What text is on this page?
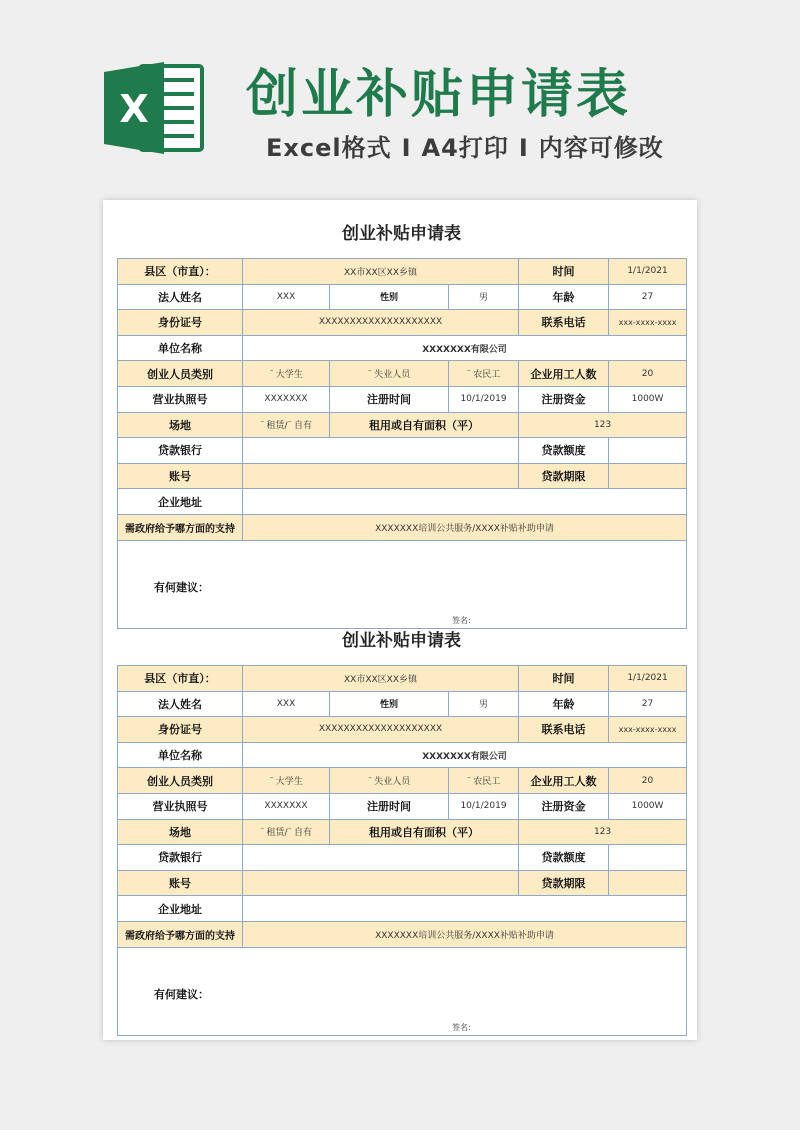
X 创业补贴申请表
Excel格式 I A4打印 I 内容可修改
创业补贴申请表
县区（市直）：	XX市XX区XX乡镇			时间	1/1/2021
法人姓名	XXX	性别	男	年龄	27
身份证号	XXXXXXXXXXXXXXXXXXXX			联系电话	xxx-xxxx-xxxx
单位名称	XXXXXXX有限公司				
创业人员类别	˜ 大学生	˜ 失业人员	˜ 农民工	企业用工人数	20
营业执照号	XXXXXXX	注册时间	10/1/2019	注册资金	1000W
场地	˜ 租赁/˜ 自有	租用或自有面积（平）		123	
贷款银行				贷款额度	
账号				贷款期限	
企业地址					
需政府给予哪方面的支持	XXXXXXX培训公共服务/XXXX补贴补助申请				

有何建议：
签名:					
创业补贴申请表
县区（市直）：	XX市XX区XX乡镇			时间	1/1/2021
法人姓名	XXX	性别	男	年龄	27
身份证号	XXXXXXXXXXXXXXXXXXXX			联系电话	xxx-xxxx-xxxx
单位名称	XXXXXXX有限公司				
创业人员类别	˜ 大学生	˜ 失业人员	˜ 农民工	企业用工人数	20
营业执照号	XXXXXXX	注册时间	10/1/2019	注册资金	1000W
场地	˜ 租赁/˜ 自有	租用或自有面积（平）		123	
贷款银行				贷款额度	
账号				贷款期限	
企业地址					
需政府给予哪方面的支持	XXXXXXX培训公共服务/XXXX补贴补助申请				

有何建议：
签名:					
